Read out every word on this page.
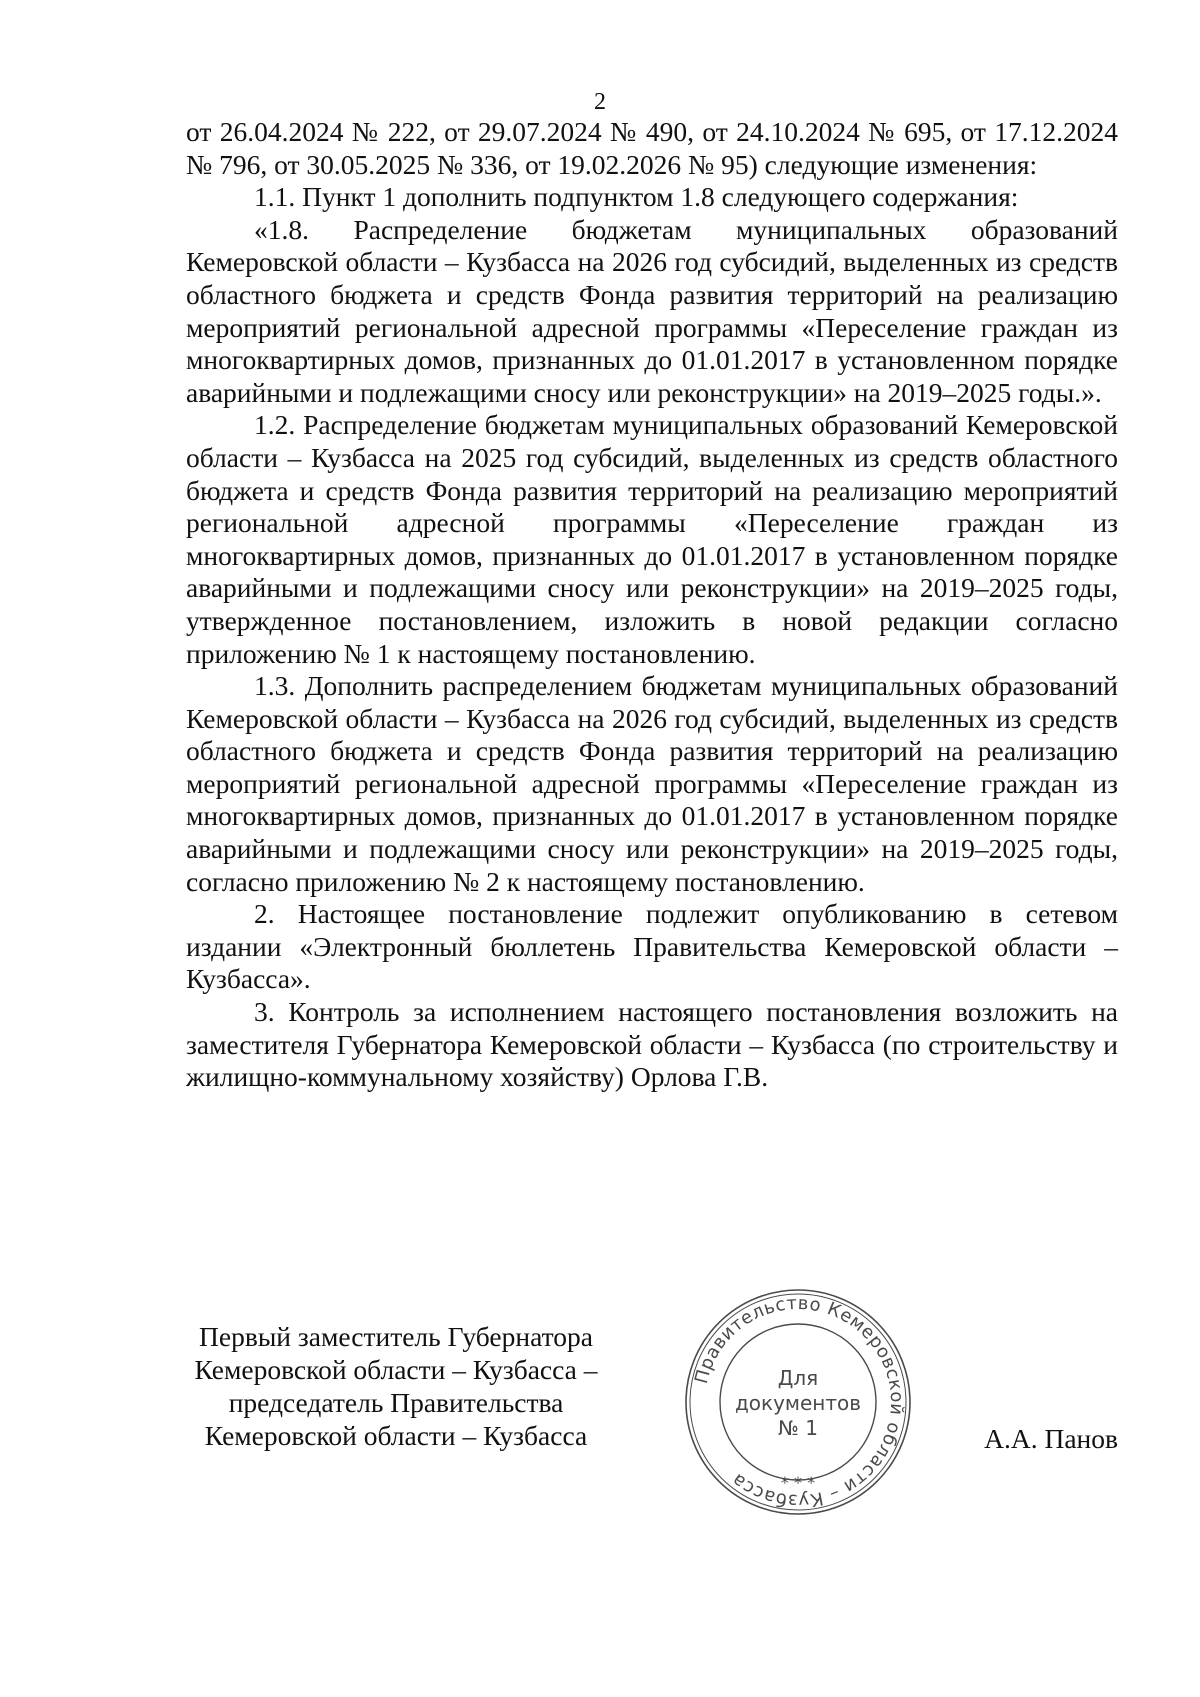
2

от 26.04.2024 № 222, от 29.07.2024 № 490, от 24.10.2024 № 695, от 17.12.2024 № 796, от 30.05.2025 № 336, от 19.02.2026 № 95) следующие изменения:

1.1. Пункт 1 дополнить подпунктом 1.8 следующего содержания:

«1.8. Распределение бюджетам муниципальных образований Кемеровской области – Кузбасса на 2026 год субсидий, выделенных из средств областного бюджета и средств Фонда развития территорий на реализацию мероприятий региональной адресной программы «Переселение граждан из многоквартирных домов, признанных до 01.01.2017 в установленном порядке аварийными и подлежащими сносу или реконструкции» на 2019–2025 годы.».

1.2. Распределение бюджетам муниципальных образований Кемеровской области – Кузбасса на 2025 год субсидий, выделенных из средств областного бюджета и средств Фонда развития территорий на реализацию мероприятий региональной адресной программы «Переселение граждан из многоквартирных домов, признанных до 01.01.2017 в установленном порядке аварийными и подлежащими сносу или реконструкции» на 2019–2025 годы, утвержденное постановлением, изложить в новой редакции согласно приложению № 1 к настоящему постановлению.

1.3. Дополнить распределением бюджетам муниципальных образований Кемеровской области – Кузбасса на 2026 год субсидий, выделенных из средств областного бюджета и средств Фонда развития территорий на реализацию мероприятий региональной адресной программы «Переселение граждан из многоквартирных домов, признанных до 01.01.2017 в установленном порядке аварийными и подлежащими сносу или реконструкции» на 2019–2025 годы, согласно приложению № 2 к настоящему постановлению.

2. Настоящее постановление подлежит опубликованию в сетевом издании «Электронный бюллетень Правительства Кемеровской области – Кузбасса».

3. Контроль за исполнением настоящего постановления возложить на заместителя Губернатора Кемеровской области – Кузбасса (по строительству и жилищно-коммунальному хозяйству) Орлова Г.В.

Первый заместитель Губернатора
Кемеровской области – Кузбасса –
председатель Правительства
Кемеровской области – Кузбасса
Правительство Кемеровской области – Кузбасса	* * *
Для
документов
№ 1	А.А. Панов
